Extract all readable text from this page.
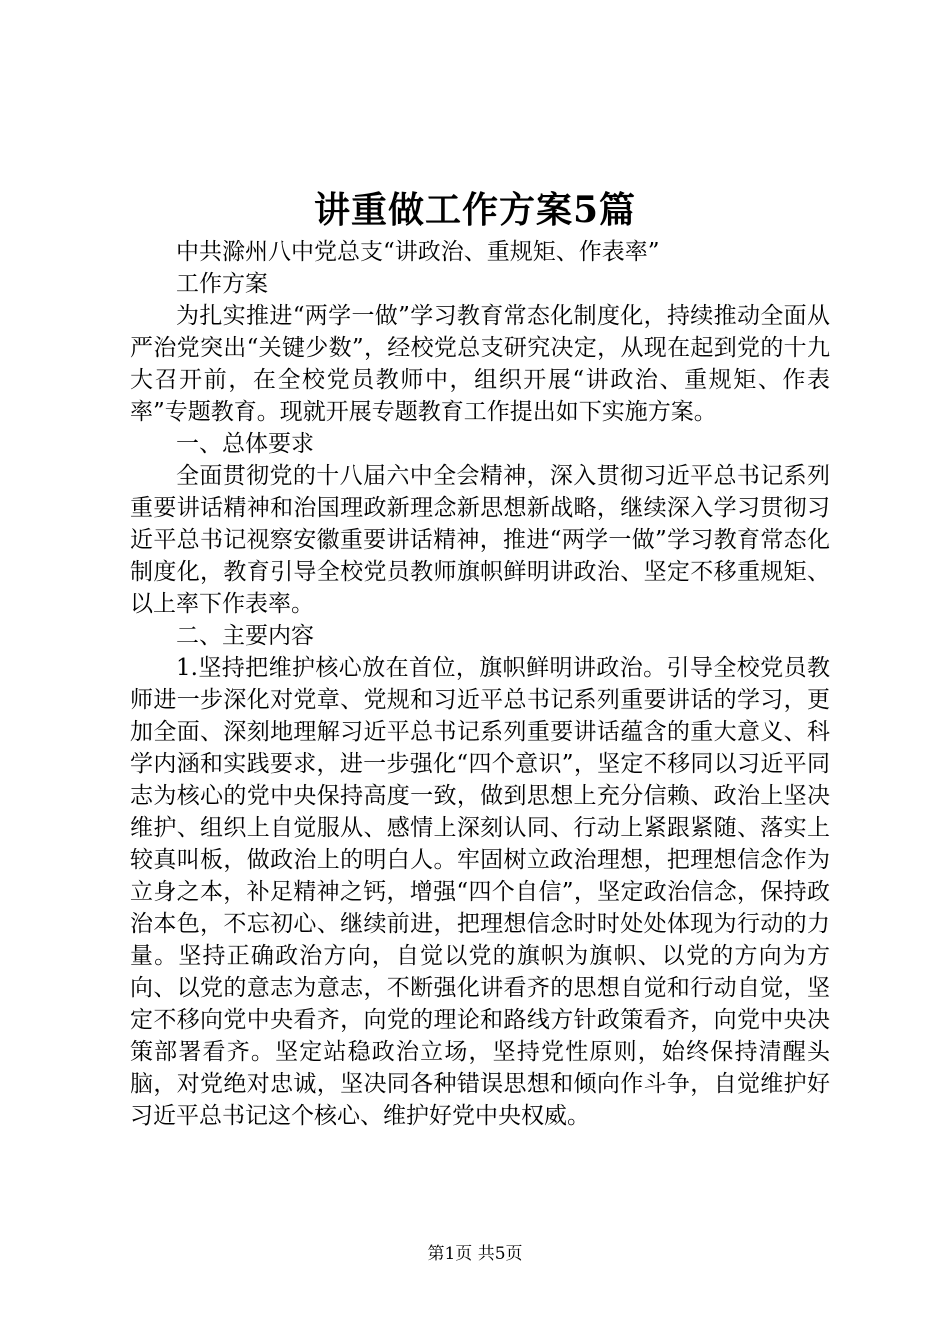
讲重做工作方案5篇

中共滁州八中党总支“讲政治、重规矩、作表率”

工作方案

为扎实推进“两学一做”学习教育常态化制度化，持续推动全面从严治党突出“关键少数”，经校党总支研究决定，从现在起到党的十九大召开前，在全校党员教师中，组织开展“讲政治、重规矩、作表率”专题教育。现就开展专题教育工作提出如下实施方案。

一、总体要求

全面贯彻党的十八届六中全会精神，深入贯彻习近平总书记系列重要讲话精神和治国理政新理念新思想新战略，继续深入学习贯彻习近平总书记视察安徽重要讲话精神，推进“两学一做”学习教育常态化制度化，教育引导全校党员教师旗帜鲜明讲政治、坚定不移重规矩、以上率下作表率。

二、主要内容

1.坚持把维护核心放在首位，旗帜鲜明讲政治。引导全校党员教师进一步深化对党章、党规和习近平总书记系列重要讲话的学习，更加全面、深刻地理解习近平总书记系列重要讲话蕴含的重大意义、科学内涵和实践要求，进一步强化“四个意识”，坚定不移同以习近平同志为核心的党中央保持高度一致，做到思想上充分信赖、政治上坚决维护、组织上自觉服从、感情上深刻认同、行动上紧跟紧随、落实上较真叫板，做政治上的明白人。牢固树立政治理想，把理想信念作为立身之本，补足精神之钙，增强“四个自信”，坚定政治信念，保持政治本色，不忘初心、继续前进，把理想信念时时处处体现为行动的力量。坚持正确政治方向，自觉以党的旗帜为旗帜、以党的方向为方向、以党的意志为意志，不断强化讲看齐的思想自觉和行动自觉，坚定不移向党中央看齐，向党的理论和路线方针政策看齐，向党中央决策部署看齐。坚定站稳政治立场，坚持党性原则，始终保持清醒头脑，对党绝对忠诚，坚决同各种错误思想和倾向作斗争，自觉维护好习近平总书记这个核心、维护好党中央权威。

第1页 共5页
